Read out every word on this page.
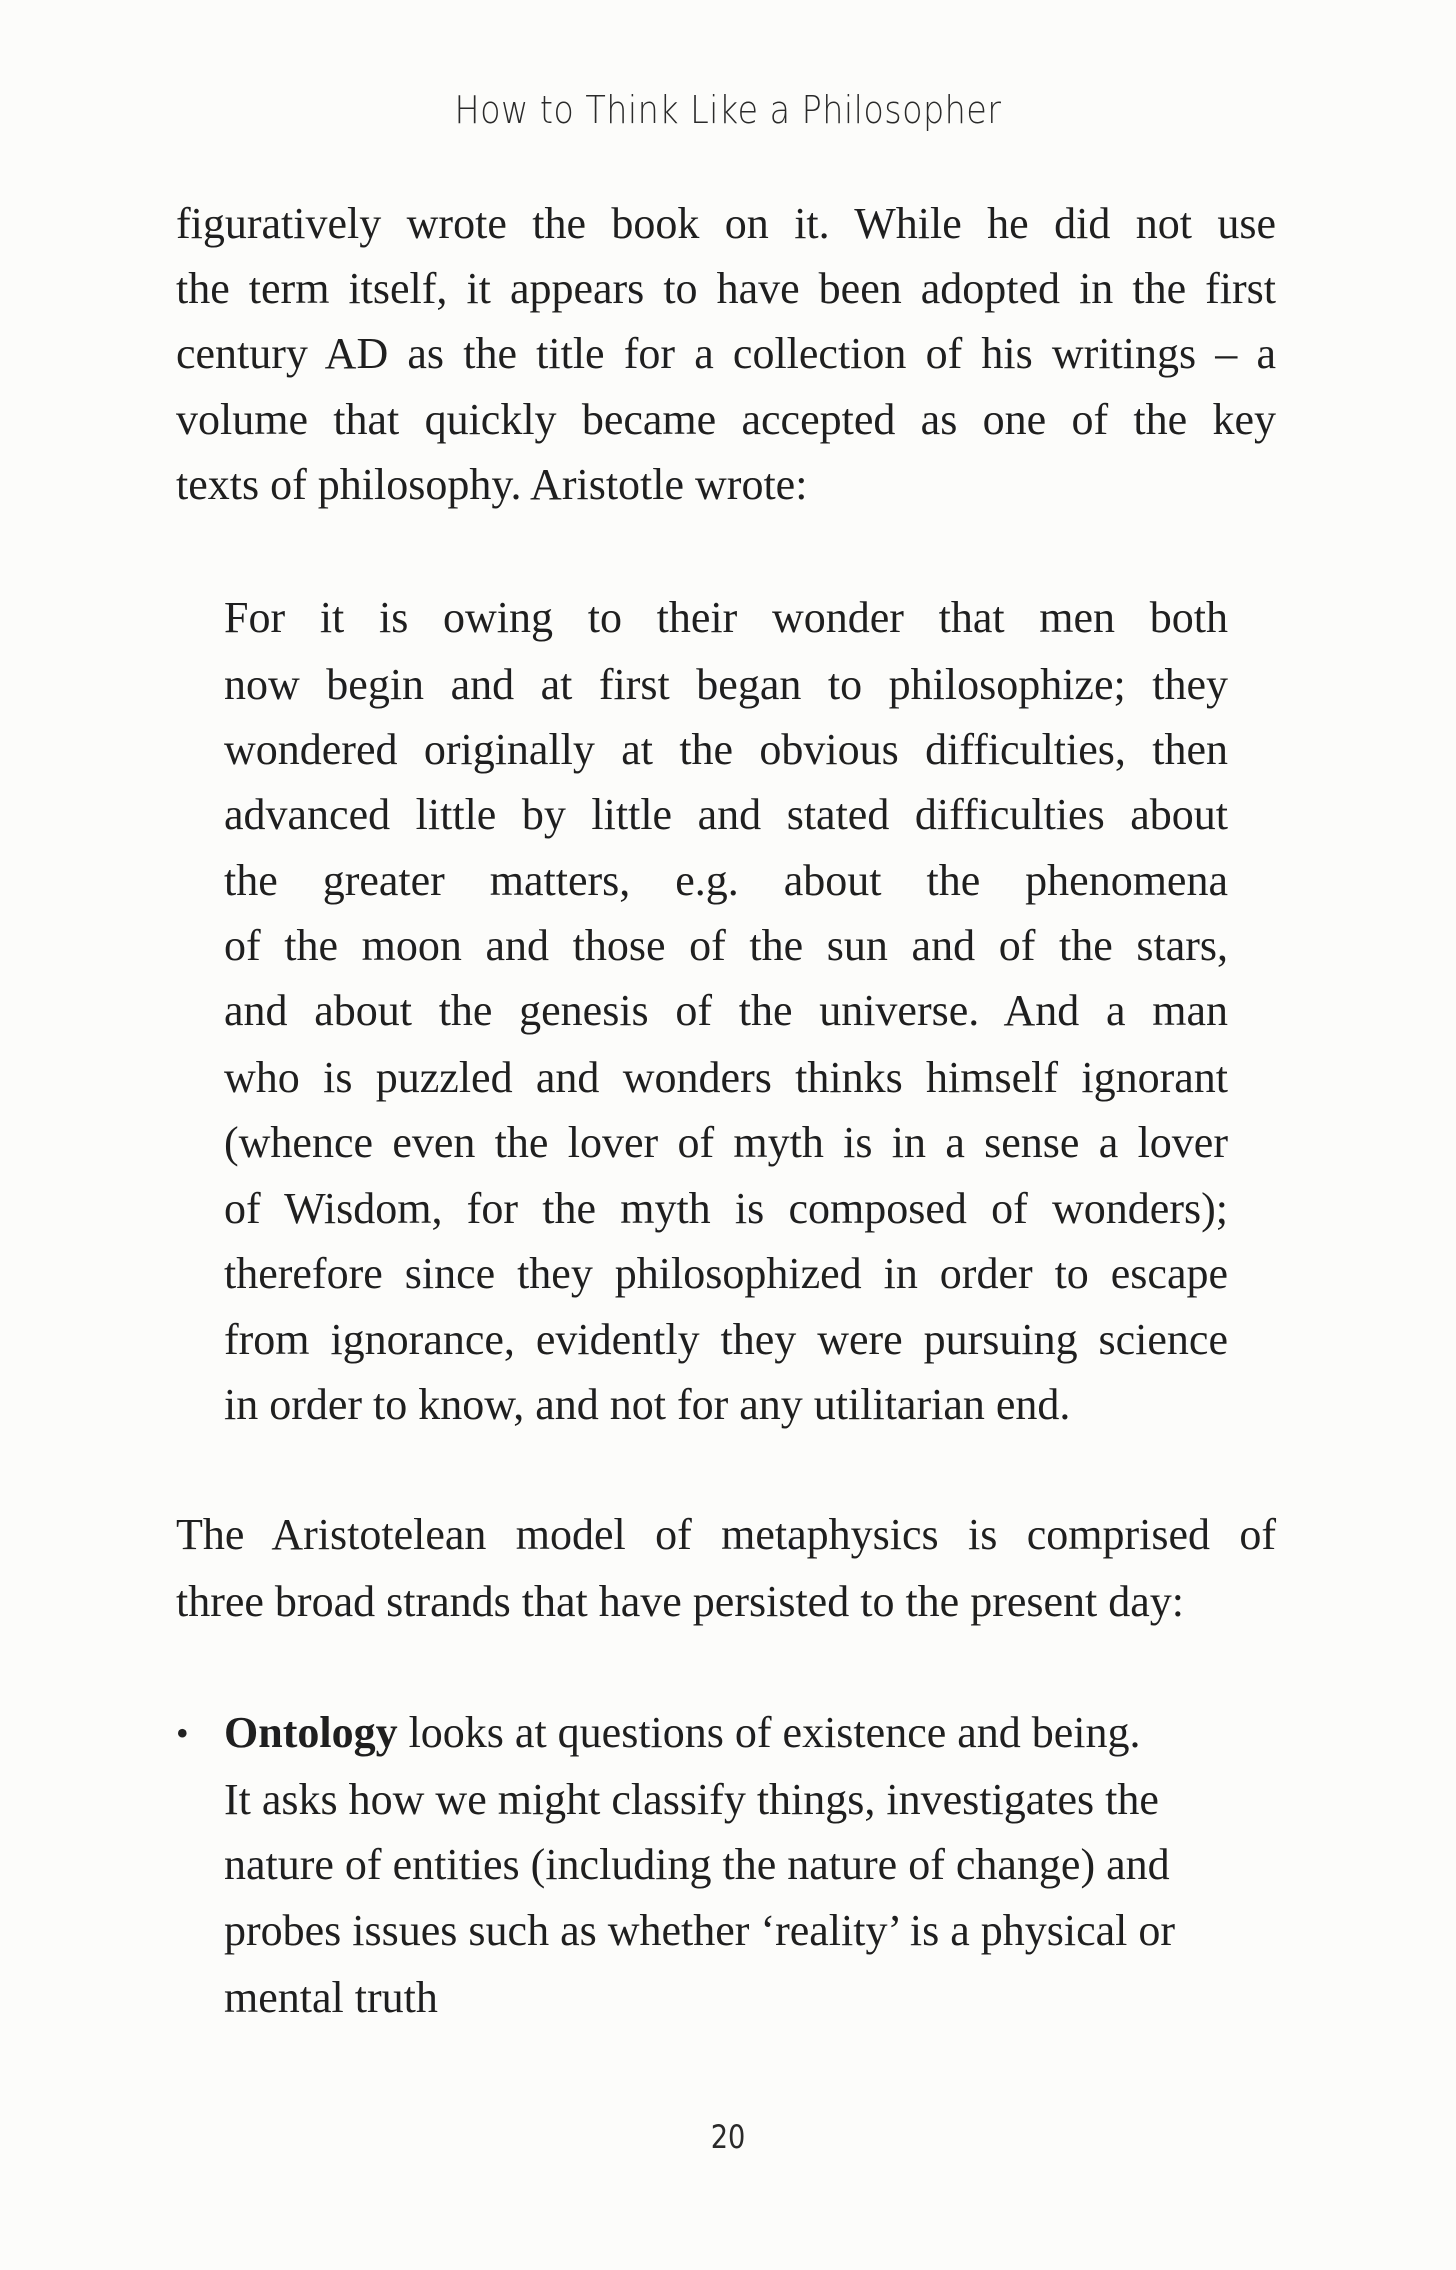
How to Think Like a Philosopher
figuratively wrote the book on it. While he did not use
the term itself, it appears to have been adopted in the first
century AD as the title for a collection of his writings – a
volume that quickly became accepted as one of the key
texts of philosophy. Aristotle wrote:
For it is owing to their wonder that men both
now begin and at first began to philosophize; they
wondered originally at the obvious difficulties, then
advanced little by little and stated difficulties about
the greater matters, e.g. about the phenomena
of the moon and those of the sun and of the stars,
and about the genesis of the universe. And a man
who is puzzled and wonders thinks himself ignorant
(whence even the lover of myth is in a sense a lover
of Wisdom, for the myth is composed of wonders);
therefore since they philosophized in order to escape
from ignorance, evidently they were pursuing science
in order to know, and not for any utilitarian end.
The Aristotelean model of metaphysics is comprised of
three broad strands that have persisted to the present day:
• Ontology looks at questions of existence and being.
It asks how we might classify things, investigates the
nature of entities (including the nature of change) and
probes issues such as whether ‘reality’ is a physical or
mental truth
20
